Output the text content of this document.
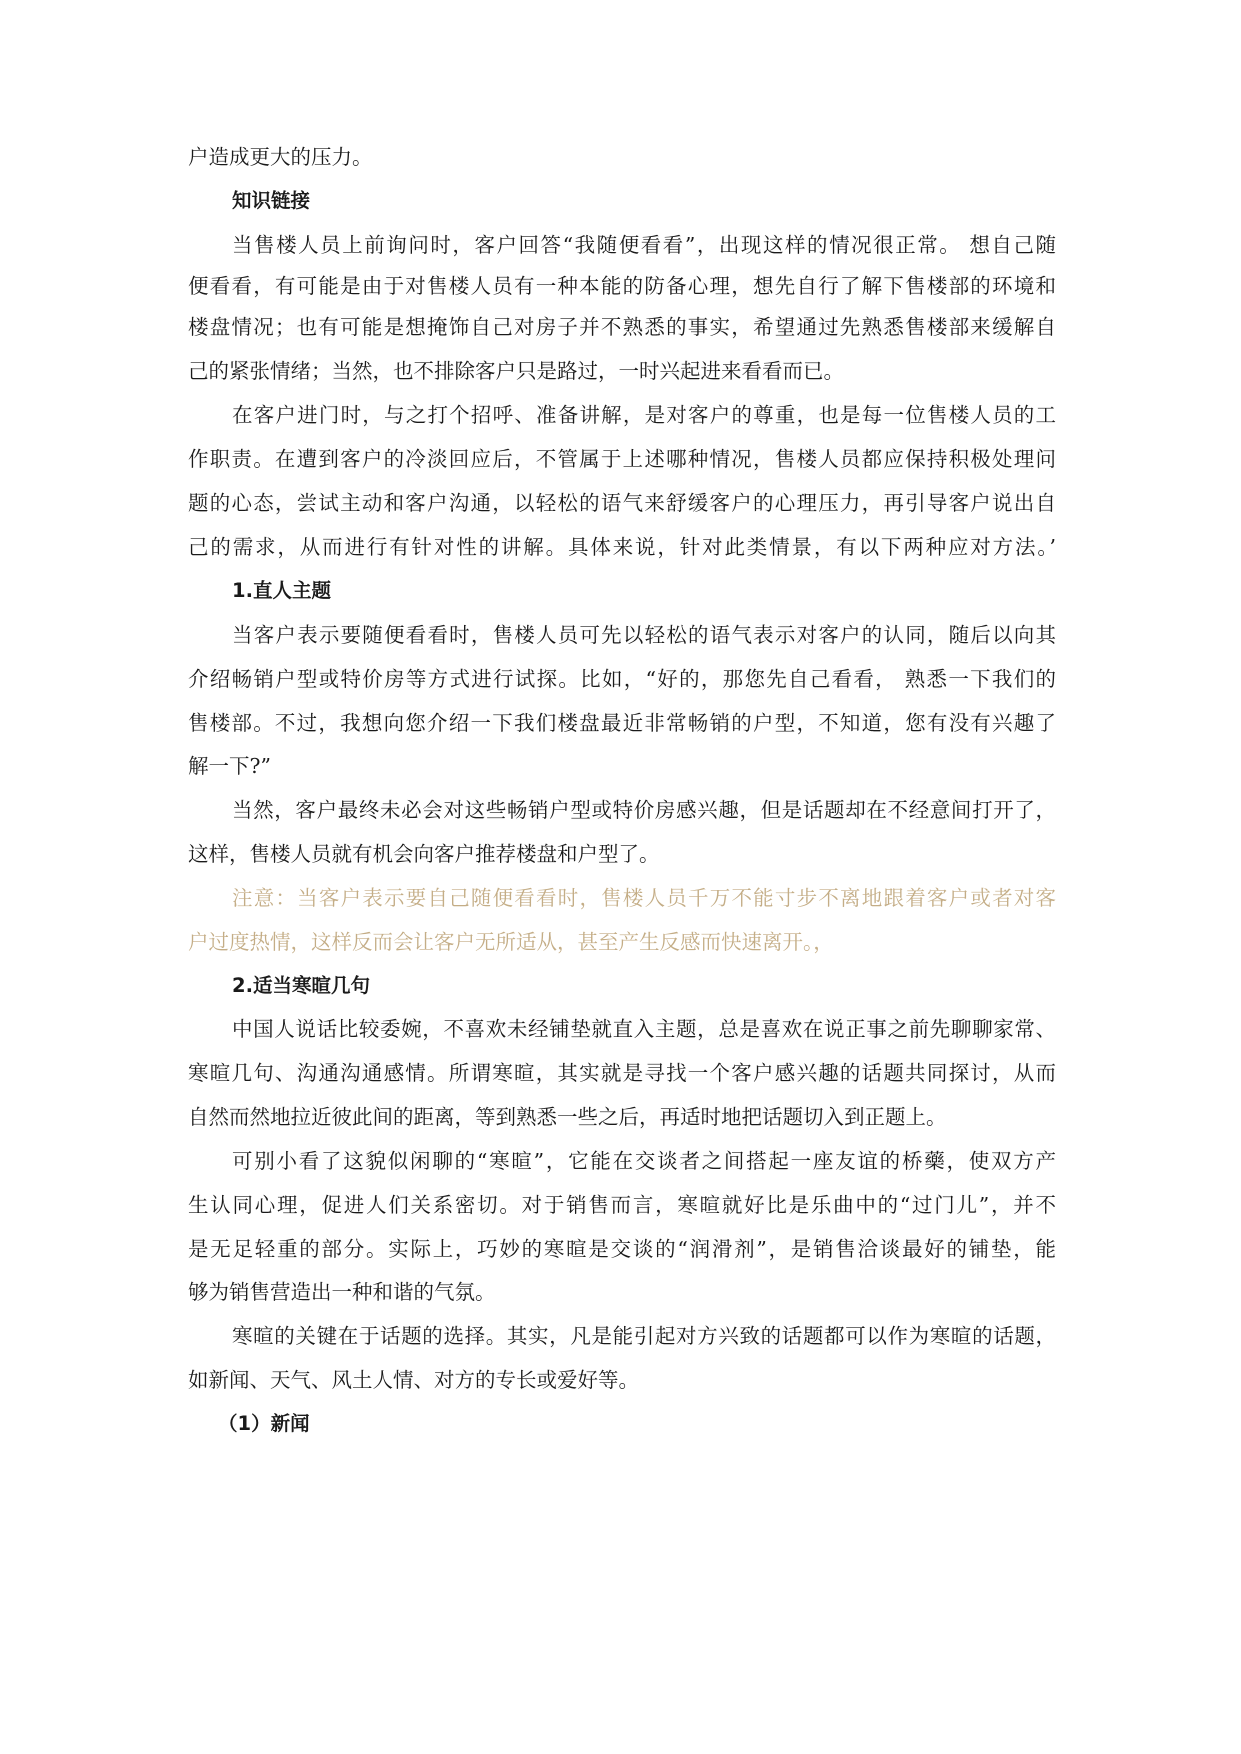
户造成更大的压力。
知识链接
当售楼人员上前询问时，客户回答“我随便看看”，出现这样的情况很正常。 想自己随
便看看，有可能是由于对售楼人员有一种本能的防备心理，想先自行了解下售楼部的环境和
楼盘情况；也有可能是想掩饰自己对房子并不熟悉的事实，希望通过先熟悉售楼部来缓解自
己的紧张情绪；当然，也不排除客户只是路过，一时兴起进来看看而已。
在客户进门时，与之打个招呼、准备讲解，是对客户的尊重，也是每一位售楼人员的工
作职责。在遭到客户的冷淡回应后，不管属于上述哪种情况，售楼人员都应保持积极处理问
题的心态，尝试主动和客户沟通，以轻松的语气来舒缓客户的心理压力，再引导客户说出自
己的需求，从而进行有针对性的讲解。具体来说，针对此类情景，有以下两种应对方法。’
1.直人主题
当客户表示要随便看看时，售楼人员可先以轻松的语气表示对客户的认同，随后以向其
介绍畅销户型或特价房等方式进行试探。比如，“好的，那您先自己看看， 熟悉一下我们的
售楼部。不过，我想向您介绍一下我们楼盘最近非常畅销的户型，不知道，您有没有兴趣了
解一下?”
当然，客户最终未必会对这些畅销户型或特价房感兴趣，但是话题却在不经意间打开了，
这样，售楼人员就有机会向客户推荐楼盘和户型了。
注意：当客户表示要自己随便看看时，售楼人员千万不能寸步不离地跟着客户或者对客
户过度热情，这样反而会让客户无所适从，甚至产生反感而快速离开。，
2.适当寒暄几句
中国人说话比较委婉，不喜欢未经铺垫就直入主题，总是喜欢在说正事之前先聊聊家常、
寒暄几句、沟通沟通感情。所谓寒暄，其实就是寻找一个客户感兴趣的话题共同探讨，从而
自然而然地拉近彼此间的距离，等到熟悉一些之后，再适时地把话题切入到正题上。
可别小看了这貌似闲聊的“寒暄”，它能在交谈者之间搭起一座友谊的桥藥，使双方产
生认同心理，促进人们关系密切。对于销售而言，寒暄就好比是乐曲中的“过门儿”，并不
是无足轻重的部分。实际上，巧妙的寒暄是交谈的“润滑剂”，是销售洽谈最好的铺垫，能
够为销售营造出一种和谐的气氛。
寒暄的关键在于话题的选择。其实，凡是能引起对方兴致的话题都可以作为寒暄的话题，
如新闻、天气、风土人情、对方的专长或爱好等。
（1）新闻
